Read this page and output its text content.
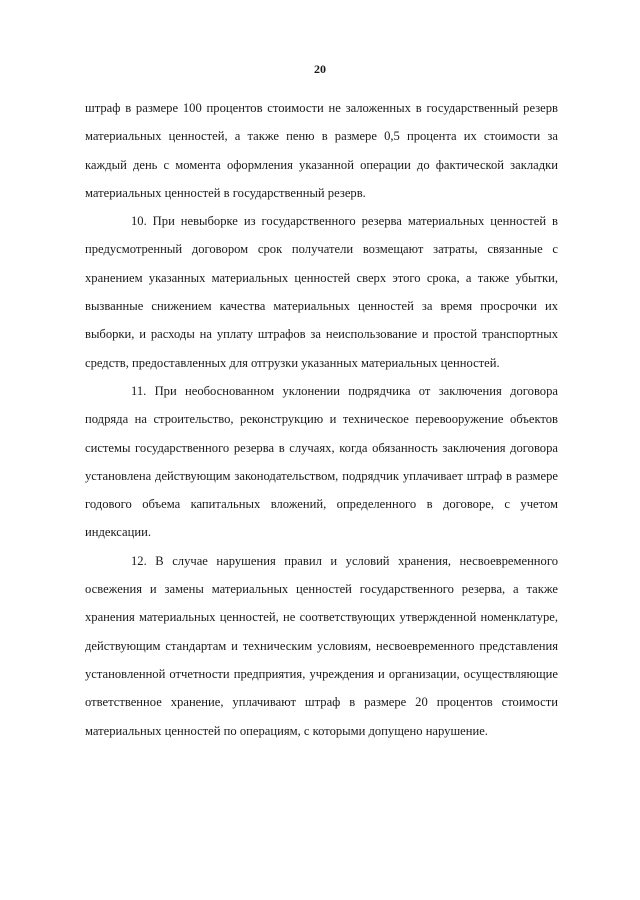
20

штраф в размере 100 процентов стоимости не заложенных в государственный резерв материальных ценностей, а также пеню в размере 0,5 процента их стоимости за каждый день с момента оформления указанной операции до фактической закладки материальных ценностей в государственный резерв.

10. При невыборке из государственного резерва материальных ценностей в предусмотренный договором срок получатели возмещают затраты, связанные с хранением указанных материальных ценностей сверх этого срока, а также убытки, вызванные снижением качества материальных ценностей за время просрочки их выборки, и расходы на уплату штрафов за неиспользование и простой транспортных средств, предоставленных для отгрузки указанных материальных ценностей.

11. При необоснованном уклонении подрядчика от заключения договора подряда на строительство, реконструкцию и техническое перевооружение объектов системы государственного резерва в случаях, когда обязанность заключения договора установлена действующим законодательством, подрядчик уплачивает штраф в размере годового объема капитальных вложений, определенного в договоре, с учетом индексации.

12. В случае нарушения правил и условий хранения, несвоевременного освежения и замены материальных ценностей государственного резерва, а также хранения материальных ценностей, не соответствующих утвержденной номенклатуре, действующим стандартам и техническим условиям, несвоевременного представления установленной отчетности предприятия, учреждения и организации, осуществляющие ответственное хранение, уплачивают штраф в размере 20 процентов стоимости материальных ценностей по операциям, с которыми допущено нарушение.
